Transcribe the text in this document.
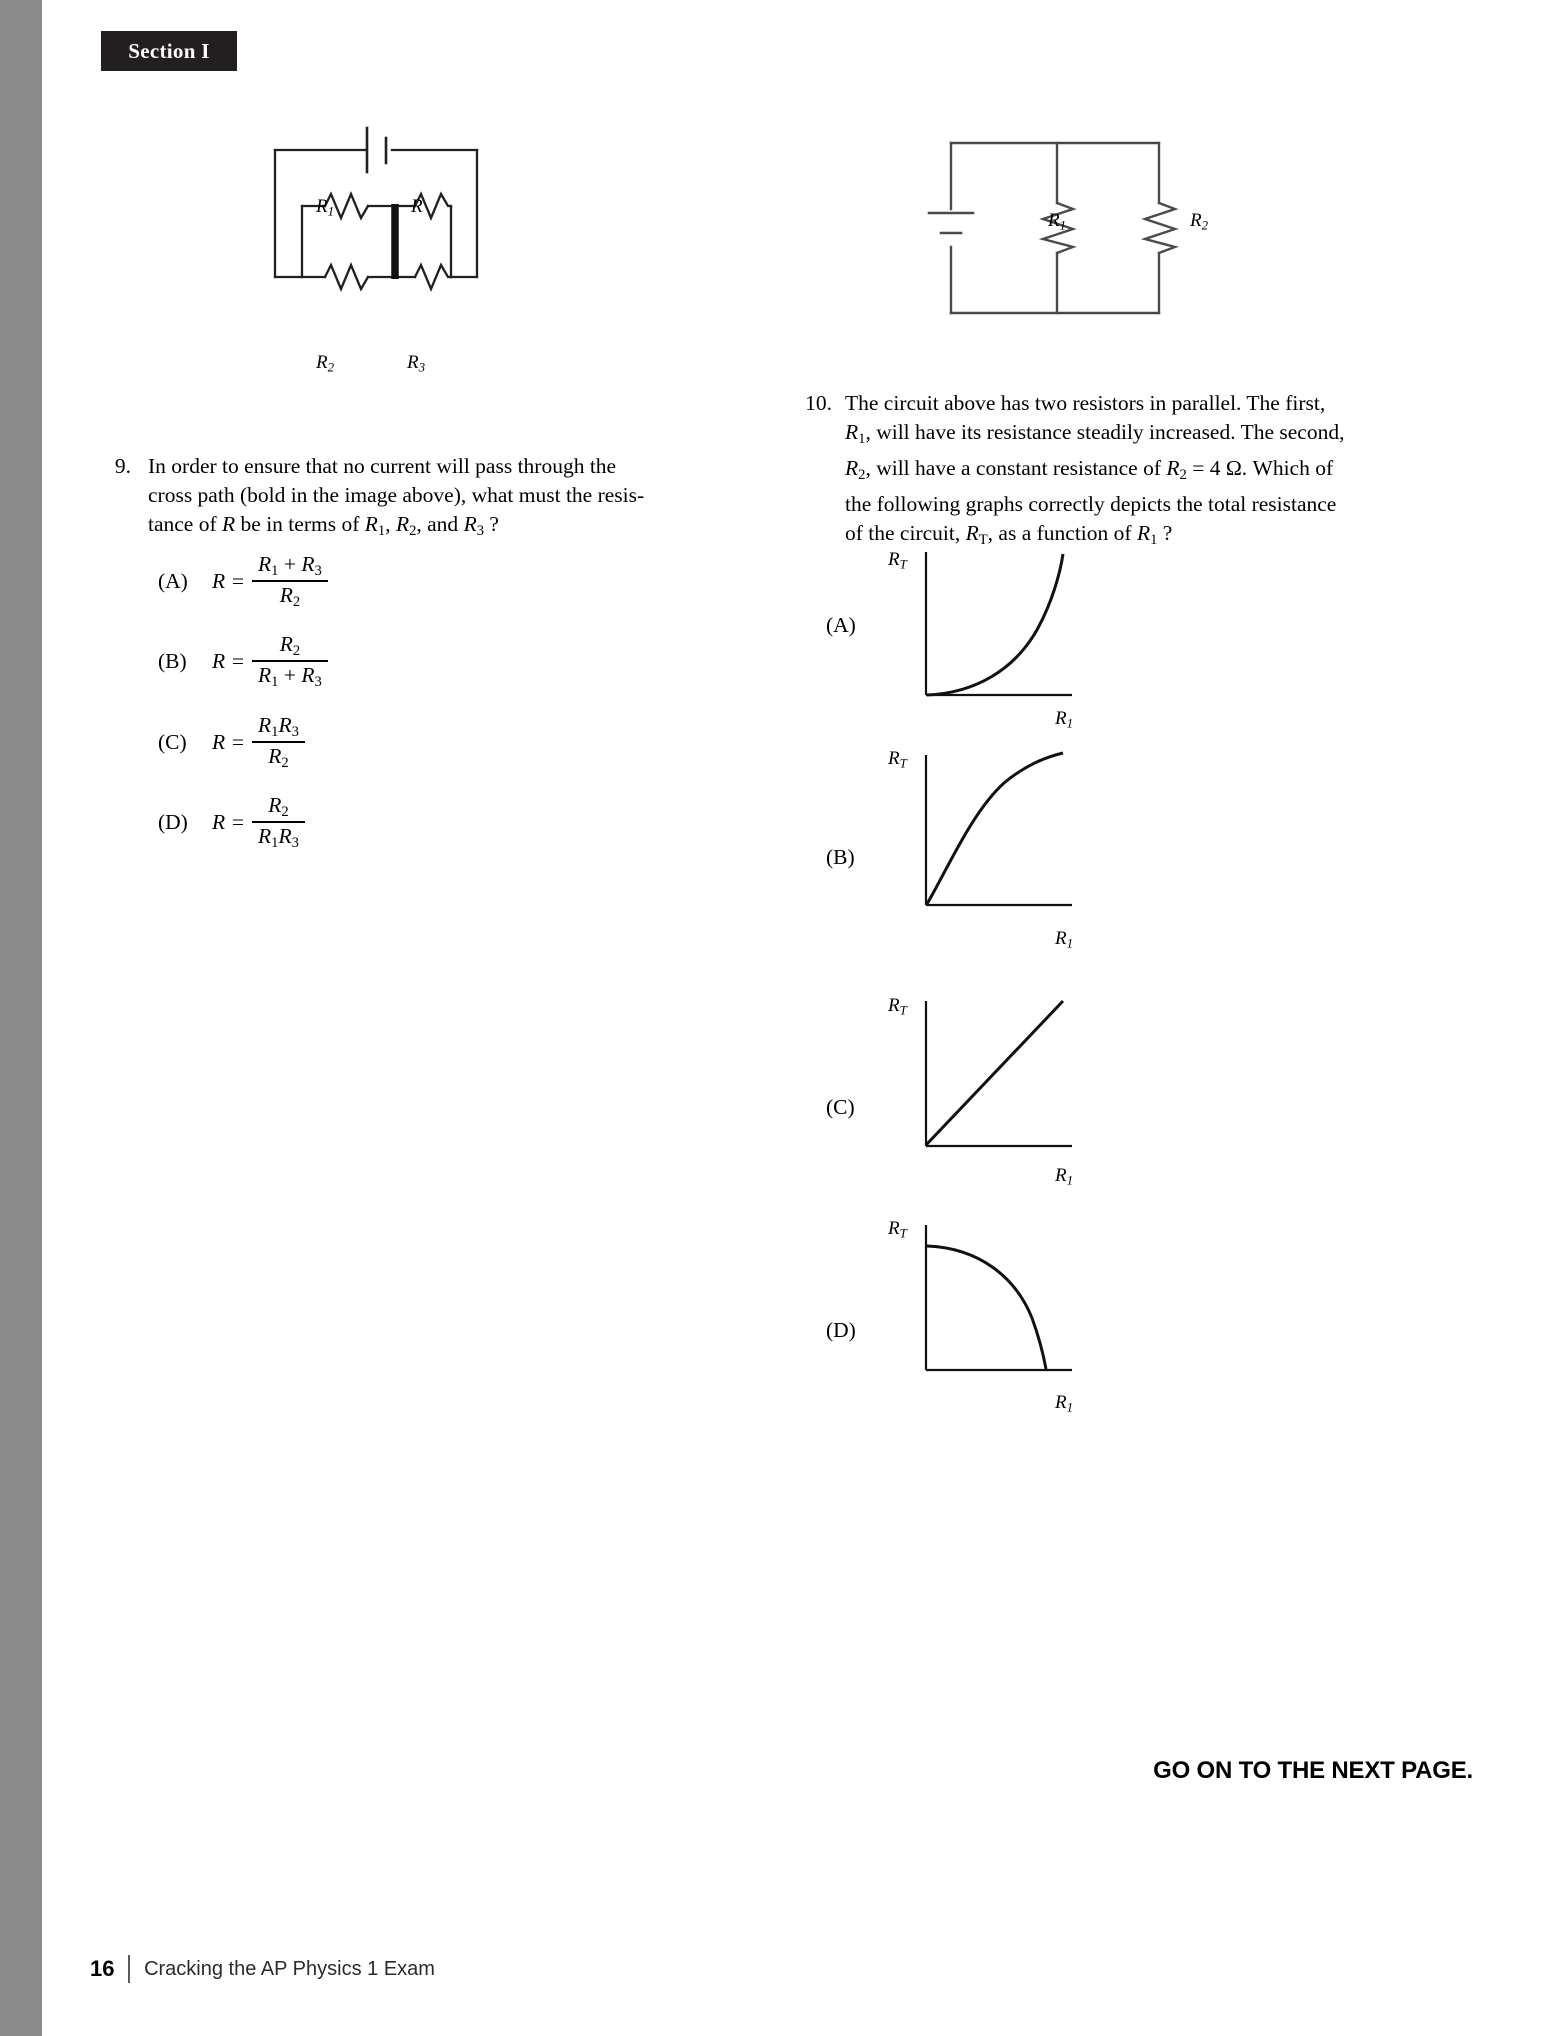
Section I
$R_1$	R
$R_2$	$R_3$
$R_1$	$R_2$
9. In order to ensure that no current will pass through the
cross path (bold in the image above), what must the resis-
tance of R be in terms of $R_1$, $R_2$, and $R_3$ ?
(A)	$R = \frac{R_1 + R_3}{R_2}$
(B)	$R = \frac{R_2}{R_1 + R_3}$
(C)	$R = \frac{R_1R_3}{R_2}$
(D)	$R = \frac{R_2}{R_1R_3}$
10. The circuit above has two resistors in parallel. The first,
$R_1$, will have its resistance steadily increased. The second,
$R_2$, will have a constant resistance of $R_2 = 4$ Ω. Which of
the following graphs correctly depicts the total resistance
of the circuit, $R_T$, as a function of $R_1$ ?
(A)
$R_T$
$R_1$
(B)
$R_T$
$R_1$
(C)
$R_T$
$R_1$
(D)
$R_T$
$R_1$
GO ON TO THE NEXT PAGE.
16 Cracking the AP Physics 1 Exam
